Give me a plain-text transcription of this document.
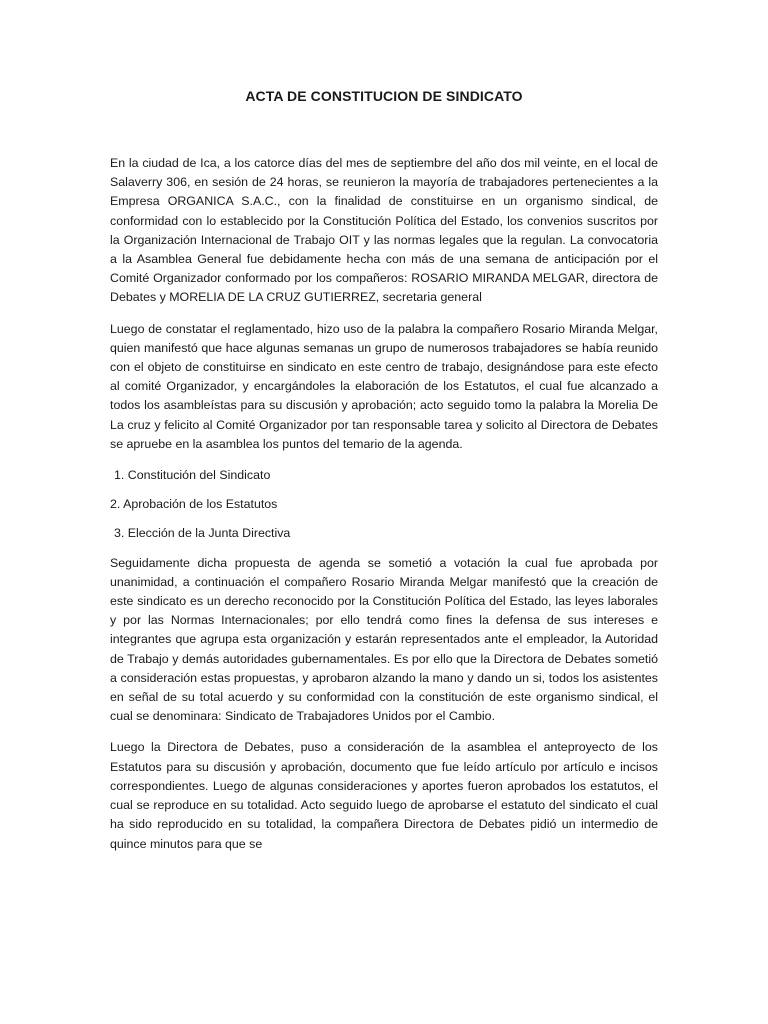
ACTA DE CONSTITUCION DE SINDICATO

En la ciudad de Ica, a los catorce días del mes de septiembre del año dos mil veinte, en el local de Salaverry 306, en sesión de 24 horas, se reunieron la mayoría de trabajadores pertenecientes a la Empresa ORGANICA S.A.C., con la finalidad de constituirse en un organismo sindical, de conformidad con lo establecido por la Constitución Política del Estado, los convenios suscritos por la Organización Internacional de Trabajo OIT y las normas legales que la regulan. La convocatoria a la Asamblea General fue debidamente hecha con más de una semana de anticipación por el Comité Organizador conformado por los compañeros: ROSARIO MIRANDA MELGAR, directora de Debates y MORELIA DE LA CRUZ GUTIERREZ, secretaria general

Luego de constatar el reglamentado, hizo uso de la palabra la compañero Rosario Miranda Melgar, quien manifestó que hace algunas semanas un grupo de numerosos trabajadores se había reunido con el objeto de constituirse en sindicato en este centro de trabajo, designándose para este efecto al comité Organizador, y encargándoles la elaboración de los Estatutos, el cual fue alcanzado a todos los asambleístas para su discusión y aprobación; acto seguido tomo la palabra la Morelia De La cruz y felicito al Comité Organizador por tan responsable tarea y solicito al Directora de Debates se apruebe en la asamblea los puntos del temario de la agenda.

1. Constitución del Sindicato
2. Aprobación de los Estatutos
3. Elección de la Junta Directiva

Seguidamente dicha propuesta de agenda se sometió a votación la cual fue aprobada por unanimidad, a continuación el compañero Rosario Miranda Melgar manifestó que la creación de este sindicato es un derecho reconocido por la Constitución Política del Estado, las leyes laborales y por las Normas Internacionales; por ello tendrá como fines la defensa de sus intereses e integrantes que agrupa esta organización y estarán representados ante el empleador, la Autoridad de Trabajo y demás autoridades gubernamentales. Es por ello que la Directora de Debates sometió a consideración estas propuestas, y aprobaron alzando la mano y dando un si, todos los asistentes en señal de su total acuerdo y su conformidad con la constitución de este organismo sindical, el cual se denominara: Sindicato de Trabajadores Unidos por el Cambio.

Luego la Directora de Debates, puso a consideración de la asamblea el anteproyecto de los Estatutos para su discusión y aprobación, documento que fue leído artículo por artículo e incisos correspondientes. Luego de algunas consideraciones y aportes fueron aprobados los estatutos, el cual se reproduce en su totalidad. Acto seguido luego de aprobarse el estatuto del sindicato el cual ha sido reproducido en su totalidad, la compañera Directora de Debates pidió un intermedio de quince minutos para que se
